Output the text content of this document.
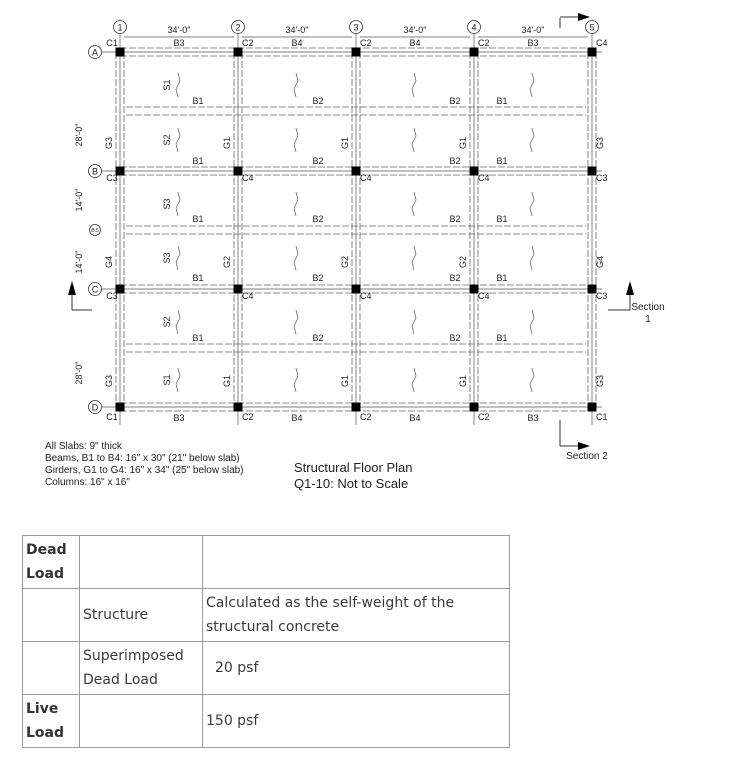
1	2	3	4	5
A
B
B.5
C
D
34'-0"	34'-0"	34'-0"	34'-0"
C1	C2	C2	C2	C4
C3	C4	C4	C4	C3
C3	C4	C4	C4	C3
C1	C2	C2	C2	C1
B3	B4	B4	B3
B3	B4	B4	B3
G3	G1	G1	G1	G3
G4	G2	G2	G2	G4
G3	G1	G1	G1	G3
28'-0"
14'-0"
14'-0"
28'-0"
S1
S2
S3
S3
S2
S1
B1	B2	B2	B1
B1	B2	B2	B1
B1	B2	B2	B1
B1	B2	B2	B1
B1	B2	B2	B1
Section 2
Section
1
All Slabs: 9" thick
Beams, B1 to B4: 16" x 30" (21" below slab)
Girders, G1 to G4: 16" x 34" (25" below slab)
Columns: 16" x 16"
Structural Floor Plan
Q1-10: Not to Scale
Dead Load		
	Structure	Calculated as the self-weight of the structural concrete
	Superimposed Dead Load	20 psf
Live Load		150 psf
